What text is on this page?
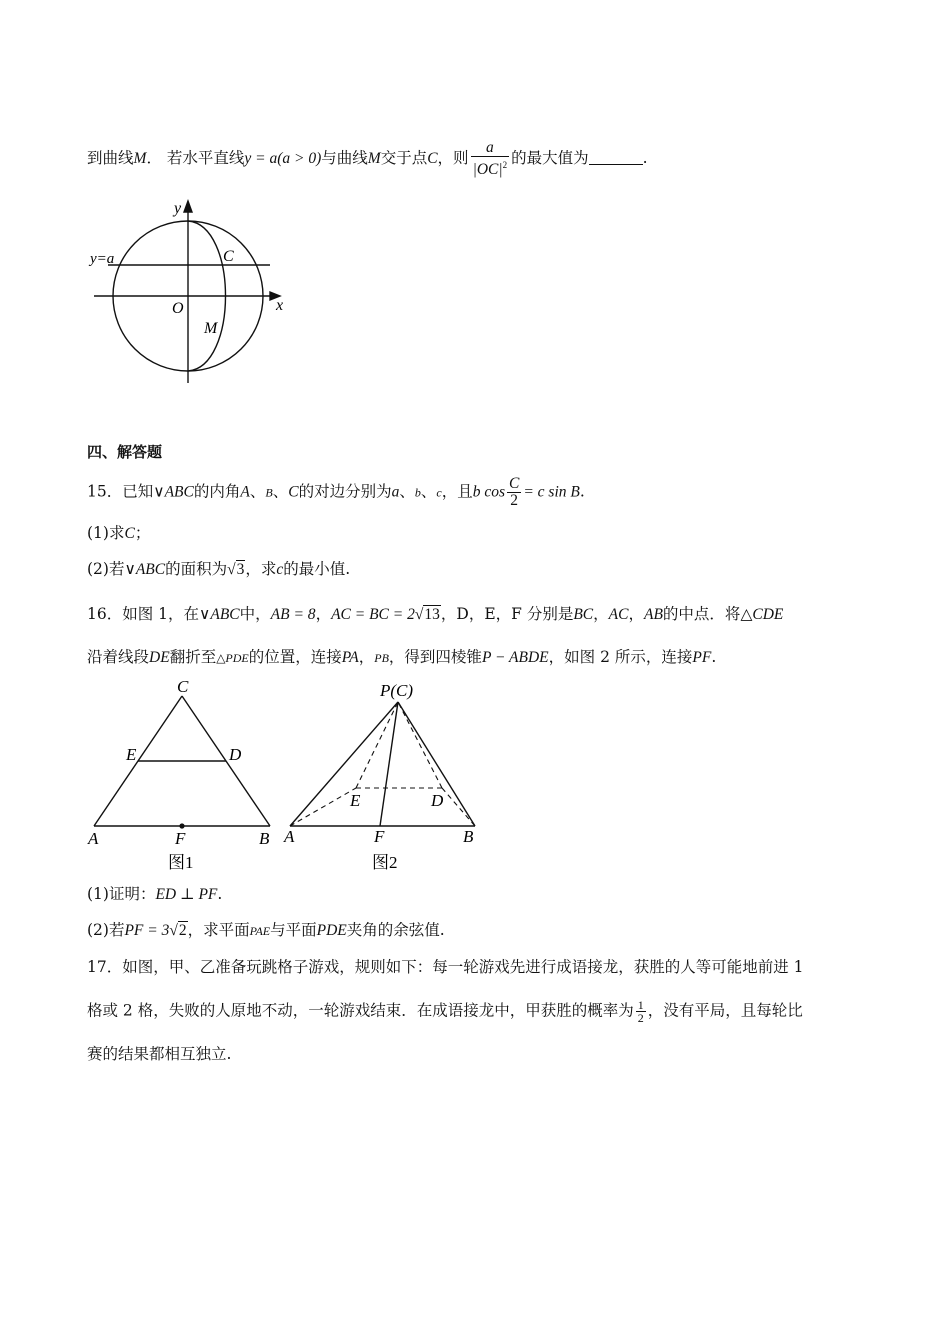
到曲线M． 若水平直线y = a(a > 0)与曲线M交于点C，则 $\frac{a}{|OC|^2}$ 的最大值为	.
y
x
O
C
M
y=a
四、解答题
15．已知∨ABC的内角A、B、C的对边分别为a、b、c，且b $\cos \frac{C}{2} = c$ sin B.
(1)求C；
(2)若∨ABC的面积为√3，求c的最小值.
16．如图 1，在∨ABC中，AB = 8，AC = BC = 2√13，D，E，F 分别是BC，AC，AB的中点．将△CDE
沿着线段DE翻折至△PDE的位置，连接PA，PB，得到四棱锥P − ABDE，如图 2 所示，连接PF.
C
E	D
A	F	B
图1
P(C)
E	D
A	F	B
图2
(1)证明：ED ⊥ PF.
(2)若PF = 3√2，求平面PAE与平面PDE夹角的余弦值.
17．如图，甲、乙准备玩跳格子游戏，规则如下：每一轮游戏先进行成语接龙，获胜的人等可能地前进 1
格或 2 格，失败的人原地不动，一轮游戏结束．在成语接龙中，甲获胜的概率为 $\frac{1}{2}$ ，没有平局，且每轮比
赛的结果都相互独立.
